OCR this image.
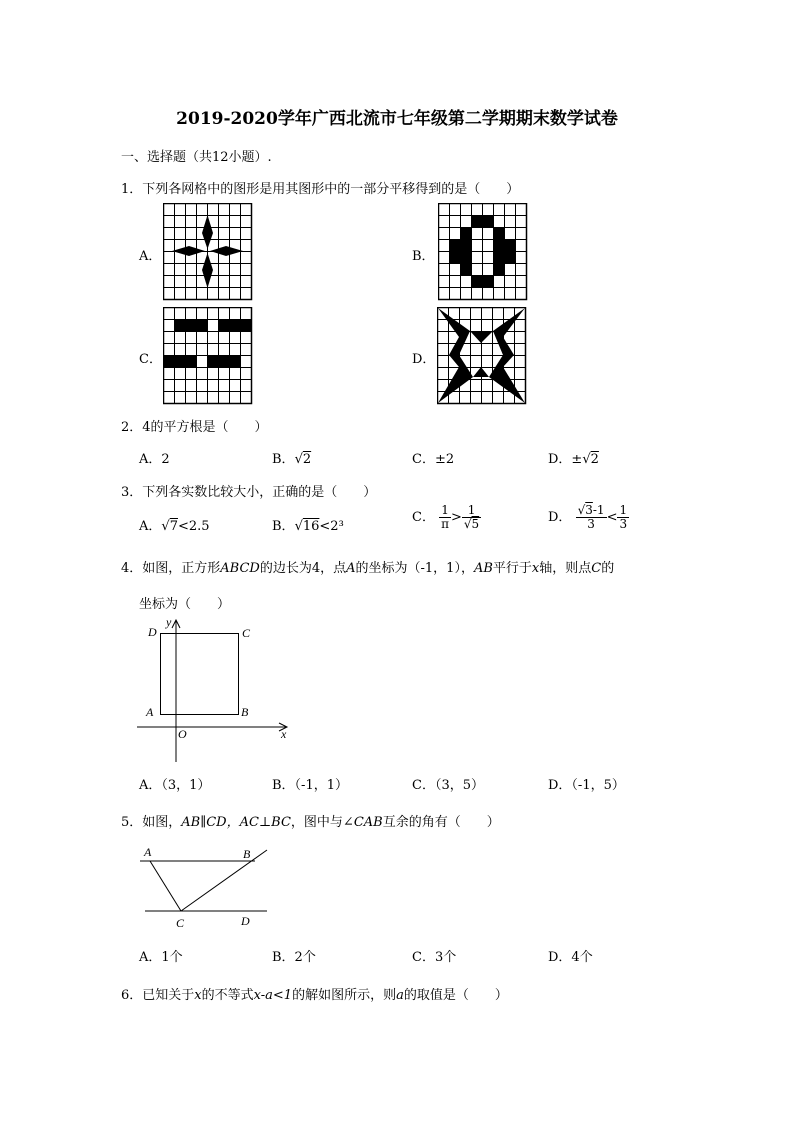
2019-2020学年广西北流市七年级第二学期期末数学试卷
一、选择题（共12小题）.
1．下列各网格中的图形是用其图形中的一部分平移得到的是（　　）
A．	B．
C．	D．
2．4的平方根是（　　）
A．2	B．√2	C．±2	D．±√2
3．下列各实数比较大小，正确的是（　　）
A．√7<2.5	B．√16<2³
C． $\frac{1}{\pi} > \frac{1}{√5}$	D． $\frac{√3-1}{3} < \frac{1}{3}$
4．如图，正方形ABCD的边长为4，点A的坐标为（-1，1），AB平行于x轴，则点C的
坐标为（　　）
D	C
A	B
O	x
y
A．（3，1）	B．（-1，1）	C．（3，5）	D．（-1，5）
5．如图，AB∥CD，AC⊥BC，图中与∠CAB互余的角有（　　）
A	B
C	D
A．1个	B．2个	C．3个	D．4个
6．已知关于x的不等式x-a<1的解如图所示，则a的取值是（　　）
